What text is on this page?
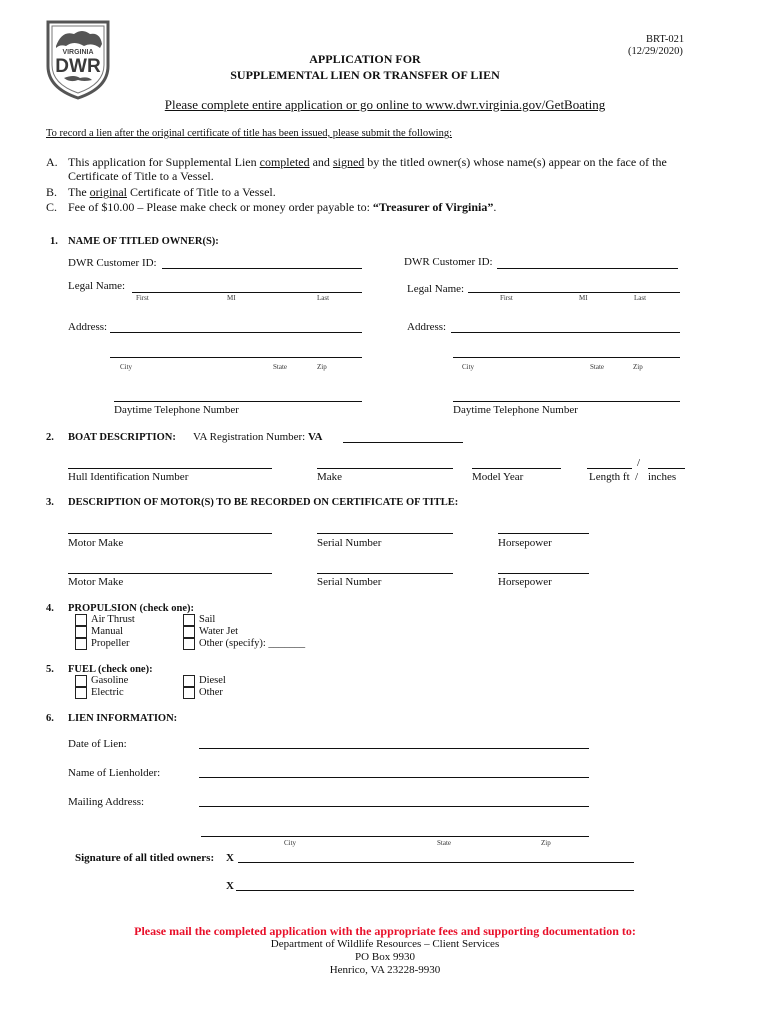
VIRGINIA
DWR
BRT-021
(12/29/2020)
APPLICATION FOR
SUPPLEMENTAL LIEN OR TRANSFER OF LIEN
Please complete entire application or go online to www.dwr.virginia.gov/GetBoating
To record a lien after the original certificate of title has been issued, please submit the following:
A. This application for Supplemental Lien completed and signed by the titled owner(s) whose name(s) appear on the face of the
Certificate of Title to a Vessel.
B. The original Certificate of Title to a Vessel.
C. Fee of $10.00 – Please make check or money order payable to: “Treasurer of Virginia”.
1. NAME OF TITLED OWNER(S):
DWR Customer ID:	DWR Customer ID:
Legal Name:
First	MI	Last
Legal Name:
First	MI	Last
Address:	Address:
City	State	Zip	City	State	Zip
Daytime Telephone Number	Daytime Telephone Number
2. BOAT DESCRIPTION: VA Registration Number: VA
Hull Identification Number	Make	Model Year
/
Length ft / inches
3. DESCRIPTION OF MOTOR(S) TO BE RECORDED ON CERTIFICATE OF TITLE:
Motor Make	Serial Number	Horsepower
Motor Make	Serial Number	Horsepower
4. PROPULSION (check one):
Air Thrust
Manual
Propeller
Sail
Water Jet
Other (specify): _______
5. FUEL (check one):
Gasoline
Electric
Diesel
Other
6. LIEN INFORMATION:
Date of Lien:
Name of Lienholder:
Mailing Address:
City	State	Zip
Signature of all titled owners: X
X
Please mail the completed application with the appropriate fees and supporting documentation to:
Department of Wildlife Resources – Client Services
PO Box 9930
Henrico, VA 23228-9930
